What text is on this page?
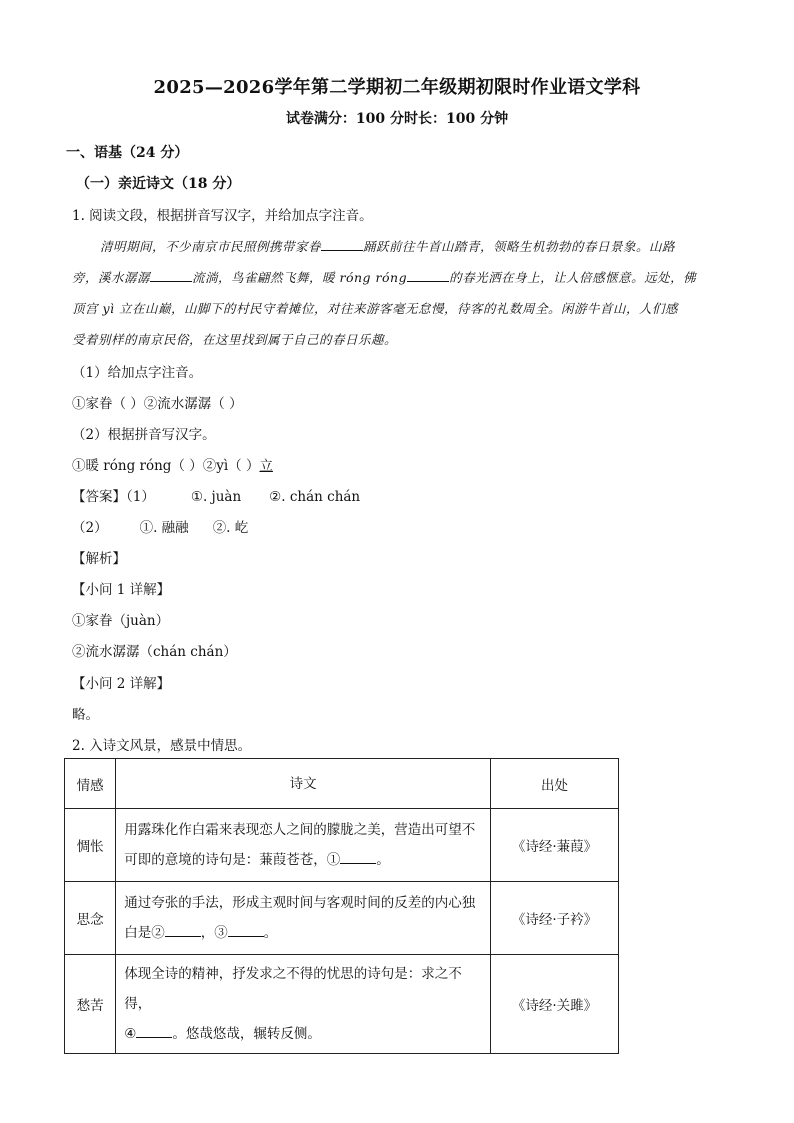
2025—2026学年第二学期初二年级期初限时作业语文学科
试卷满分：100 分时长：100 分钟
一、语基（24 分）
（一）亲近诗文（18 分）
1. 阅读文段，根据拼音写汉字，并给加点字注音。
清明期间，不少南京市民照例携带家眷	踊跃前往牛首山踏青，领略生机勃勃的春日景象。山路
旁，溪水潺潺	流淌，鸟雀翩然飞舞，暖 róng róng	的春光洒在身上，让人倍感惬意。远处，佛
顶宫 yì 立在山巅，山脚下的村民守着摊位，对往来游客毫无怠慢，待客的礼数周全。闲游牛首山，人们感
受着别样的南京民俗，在这里找到属于自己的春日乐趣。
（1）给加点字注音。
①家眷（ ）②流水潺潺（ ）
（2）根据拼音写汉字。
①暖 róng róng（ ）②yì（ ）立
【答案】（1）	①. juàn ②. chán chán
（2） ①. 融融 ②. 屹
【解析】
【小问 1 详解】
①家眷（juàn）
②流水潺潺（chán chán）
【小问 2 详解】
略。
2. 入诗文风景，感景中情思。
情感	诗文	出处
惆怅	用露珠化作白霜来表现恋人之间的朦胧之美，营造出可望不
可即的意境的诗句是：蒹葭苍苍，① 。	《诗经·蒹葭》
思念	通过夸张的手法，形成主观时间与客观时间的反差的内心独
白是② ，③ 。	《诗经·子衿》
愁苦	体现全诗的精神，抒发求之不得的忧思的诗句是：求之不得，
④ 。悠哉悠哉，辗转反侧。	《诗经·关雎》
